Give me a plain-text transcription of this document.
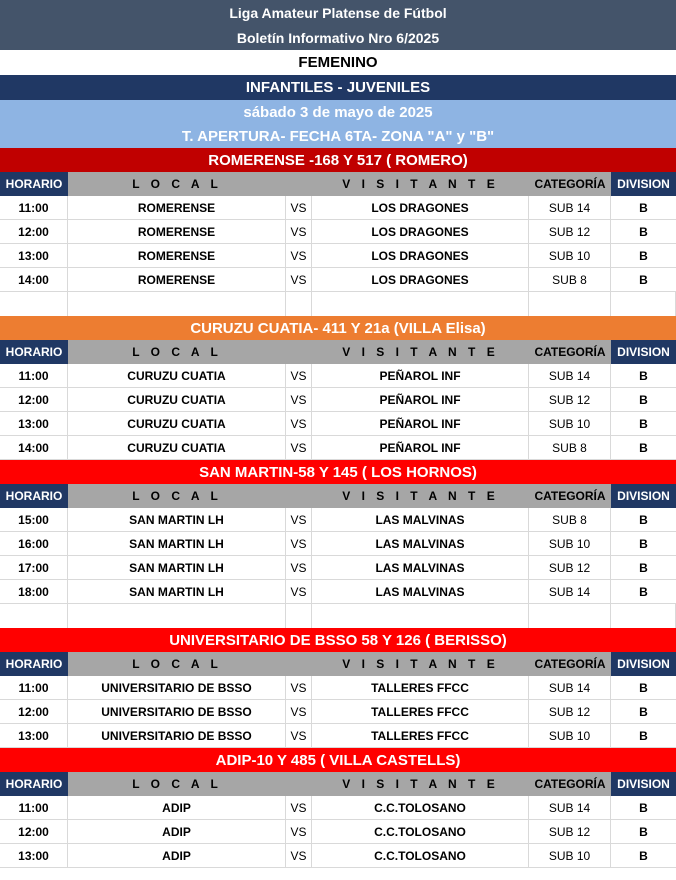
Liga Amateur Platense de Fútbol
Boletín Informativo Nro 6/2025
FEMENINO
INFANTILES - JUVENILES
sábado 3 de mayo de 2025
T. APERTURA- FECHA 6TA- ZONA "A" y "B"
ROMERENSE -168 Y 517 ( ROMERO)
HORARIO	L O C A L	V I S I T A N T E	CATEGORÍA DIVISION
11:00	ROMERENSE	VS	LOS DRAGONES	SUB 14	B
12:00	ROMERENSE	VS	LOS DRAGONES	SUB 12	B
13:00	ROMERENSE	VS	LOS DRAGONES	SUB 10	B
14:00	ROMERENSE	VS	LOS DRAGONES	SUB 8	B
CURUZU CUATIA- 411 Y 21a (VILLA Elisa)
HORARIO	L O C A L	V I S I T A N T E	CATEGORÍA DIVISION
11:00	CURUZU CUATIA	VS	PEÑAROL INF	SUB 14	B
12:00	CURUZU CUATIA	VS	PEÑAROL INF	SUB 12	B
13:00	CURUZU CUATIA	VS	PEÑAROL INF	SUB 10	B
14:00	CURUZU CUATIA	VS	PEÑAROL INF	SUB 8	B
SAN MARTIN-58 Y 145 ( LOS HORNOS)
HORARIO	L O C A L	V I S I T A N T E	CATEGORÍA DIVISION
15:00	SAN MARTIN LH	VS	LAS MALVINAS	SUB 8	B
16:00	SAN MARTIN LH	VS	LAS MALVINAS	SUB 10	B
17:00	SAN MARTIN LH	VS	LAS MALVINAS	SUB 12	B
18:00	SAN MARTIN LH	VS	LAS MALVINAS	SUB 14	B
UNIVERSITARIO DE BSSO 58 Y 126 ( BERISSO)
HORARIO	L O C A L	V I S I T A N T E	CATEGORÍA DIVISION
11:00	UNIVERSITARIO DE BSSO	VS	TALLERES FFCC	SUB 14	B
12:00	UNIVERSITARIO DE BSSO	VS	TALLERES FFCC	SUB 12	B
13:00	UNIVERSITARIO DE BSSO	VS	TALLERES FFCC	SUB 10	B
ADIP-10 Y 485 ( VILLA CASTELLS)
HORARIO	L O C A L	V I S I T A N T E	CATEGORÍA DIVISION
11:00	ADIP	VS	C.C.TOLOSANO	SUB 14	B
12:00	ADIP	VS	C.C.TOLOSANO	SUB 12	B
13:00	ADIP	VS	C.C.TOLOSANO	SUB 10	B
